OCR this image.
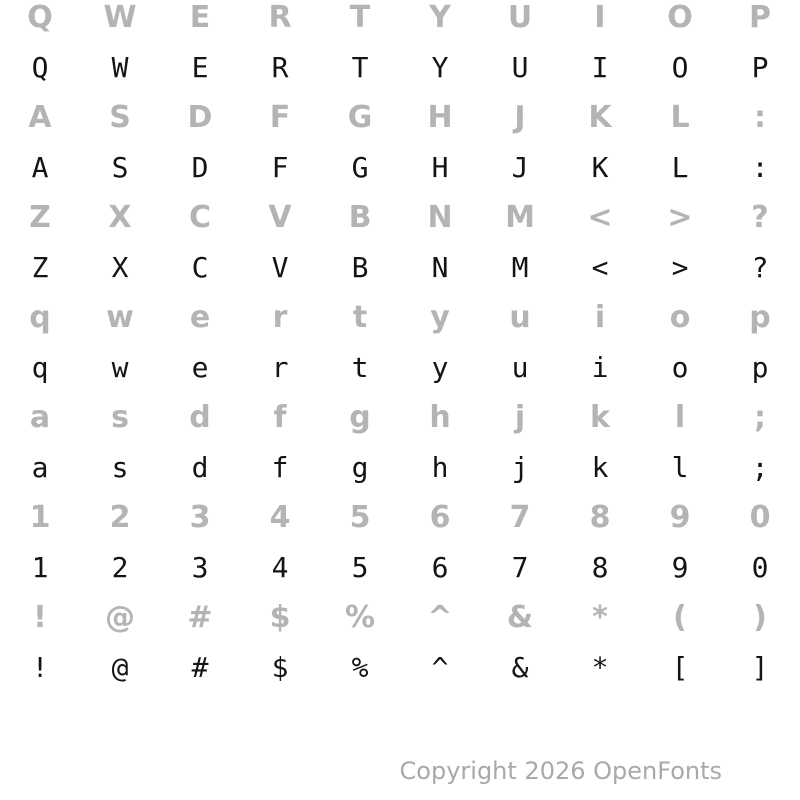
Q	W	E	R	T	Y	U	I	O	P
Q	W	E	R	T	Y	U	I	O	P
A	S	D	F	G	H	J	K	L	:
A	S	D	F	G	H	J	K	L	:
Z	X	C	V	B	N	M	<	>	?
Z	X	C	V	B	N	M	<	>	?
q	w	e	r	t	y	u	i	o	p
q	w	e	r	t	y	u	i	o	p
a	s	d	f	g	h	j	k	l	;
a	s	d	f	g	h	j	k	l	;
1	2	3	4	5	6	7	8	9	0
1	2	3	4	5	6	7	8	9	0
!	@	#	$	%	^	&	*	(	)
!	@	#	$	%	^	&	*	[	]
Copyright 2026 OpenFonts
